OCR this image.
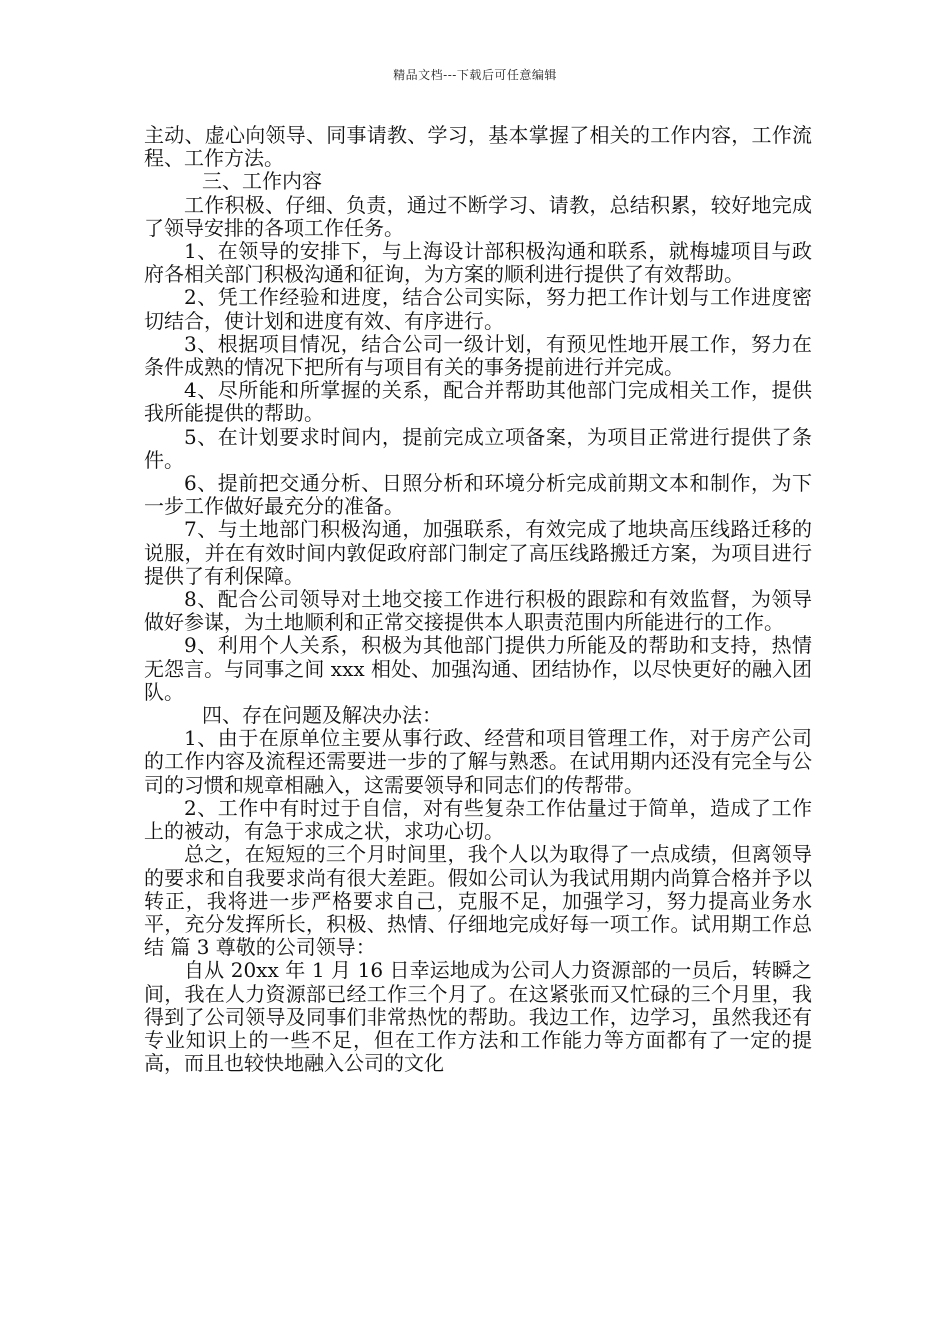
精品文档---下载后可任意编辑

主动、虚心向领导、同事请教、学习，基本掌握了相关的工作内容，工作流程、工作方法。

三、工作内容

工作积极、仔细、负责，通过不断学习、请教，总结积累，较好地完成了领导安排的各项工作任务。

1、在领导的安排下，与上海设计部积极沟通和联系，就梅墟项目与政府各相关部门积极沟通和征询，为方案的顺利进行提供了有效帮助。

2、凭工作经验和进度，结合公司实际，努力把工作计划与工作进度密切结合，使计划和进度有效、有序进行。

3、根据项目情况，结合公司一级计划，有预见性地开展工作，努力在条件成熟的情况下把所有与项目有关的事务提前进行并完成。

4、尽所能和所掌握的关系，配合并帮助其他部门完成相关工作，提供我所能提供的帮助。

5、在计划要求时间内，提前完成立项备案，为项目正常进行提供了条件。

6、提前把交通分析、日照分析和环境分析完成前期文本和制作，为下一步工作做好最充分的准备。

7、与土地部门积极沟通，加强联系，有效完成了地块高压线路迁移的说服，并在有效时间内敦促政府部门制定了高压线路搬迁方案，为项目进行提供了有利保障。

8、配合公司领导对土地交接工作进行积极的跟踪和有效监督，为领导做好参谋，为土地顺利和正常交接提供本人职责范围内所能进行的工作。

9、利用个人关系，积极为其他部门提供力所能及的帮助和支持，热情无怨言。与同事之间 xxx 相处、加强沟通、团结协作，以尽快更好的融入团队。

四、存在问题及解决办法：

1、由于在原单位主要从事行政、经营和项目管理工作，对于房产公司的工作内容及流程还需要进一步的了解与熟悉。在试用期内还没有完全与公司的习惯和规章相融入，这需要领导和同志们的传帮带。

2、工作中有时过于自信，对有些复杂工作估量过于简单，造成了工作上的被动，有急于求成之状，求功心切。

总之，在短短的三个月时间里，我个人以为取得了一点成绩，但离领导的要求和自我要求尚有很大差距。假如公司认为我试用期内尚算合格并予以转正，我将进一步严格要求自己，克服不足，加强学习，努力提高业务水平，充分发挥所长，积极、热情、仔细地完成好每一项工作。试用期工作总结 篇 3 尊敬的公司领导：

自从 20xx 年 1 月 16 日幸运地成为公司人力资源部的一员后，转瞬之间，我在人力资源部已经工作三个月了。在这紧张而又忙碌的三个月里，我得到了公司领导及同事们非常热忱的帮助。我边工作，边学习，虽然我还有专业知识上的一些不足，但在工作方法和工作能力等方面都有了一定的提高，而且也较快地融入公司的文化
